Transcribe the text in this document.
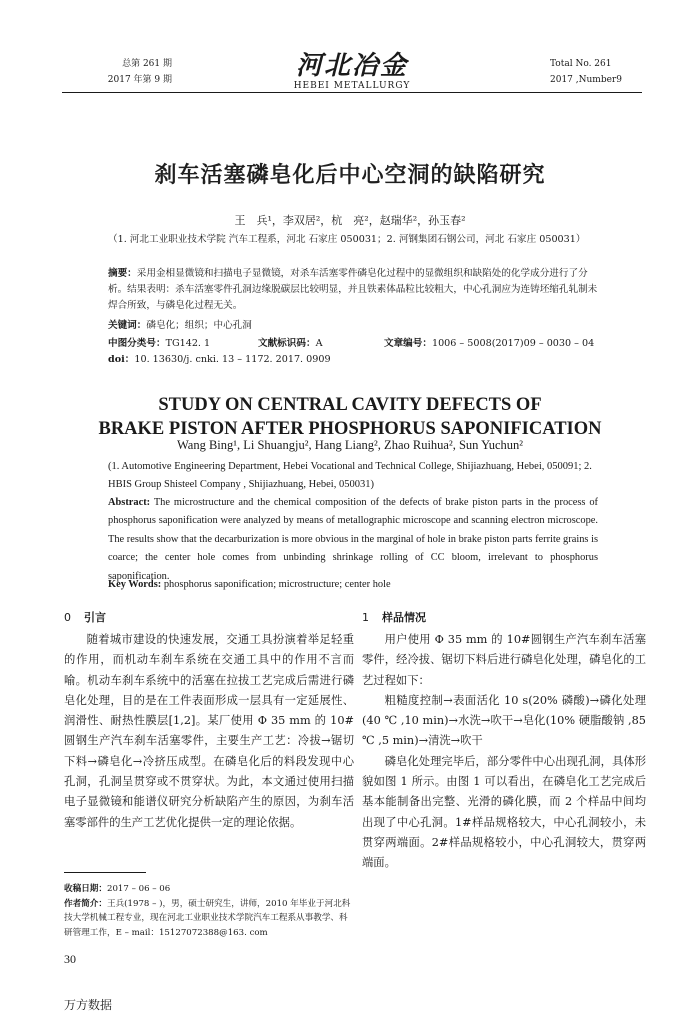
总第 261 期
2017 年第 9 期	河北冶金
HEBEI METALLURGY
Total No. 261
2017 ,Number9
刹车活塞磷皂化后中心空洞的缺陷研究
王　兵¹，李双居²，杭　亮²，赵瑞华²，孙玉春²
（1. 河北工业职业技术学院 汽车工程系，河北 石家庄 050031；2. 河钢集团石钢公司，河北 石家庄 050031）
摘要：采用金相显微镜和扫描电子显微镜，对杀车活塞零件磷皂化过程中的显微组织和缺陷处的化学成分进行了分析。结果表明：杀车活塞零件孔洞边缘脱碳层比较明显，并且铁素体晶粒比较粗大，中心孔洞应为连铸坯缩孔轧制未焊合所致，与磷皂化过程无关。
关键词：磷皂化；组织；中心孔洞
中图分类号：TG142. 1	文献标识码：A	文章编号：1006 – 5008(2017)09 – 0030 – 04
doi：10. 13630/j. cnki. 13 – 1172. 2017. 0909
STUDY ON CENTRAL CAVITY DEFECTS OF
BRAKE PISTON AFTER PHOSPHORUS SAPONIFICATION
Wang Bing¹, Li Shuangju², Hang Liang², Zhao Ruihua², Sun Yuchun²
(1. Automotive Engineering Department, Hebei Vocational and Technical College, Shijiazhuang, Hebei, 050091; 2. HBIS Group Shisteel Company , Shijiazhuang, Hebei, 050031)
Abstract: The microstructure and the chemical composition of the defects of brake piston parts in the process of phosphorus saponification were analyzed by means of metallographic microscope and scanning electron microscope. The results show that the decarburization is more obvious in the marginal of hole in brake piston parts ferrite grains is coarce; the center hole comes from unbinding shrinkage rolling of CC bloom, irrelevant to phosphorus saponification.
Key Words: phosphorus saponification; microstructure; center hole
0 引言

随着城市建设的快速发展，交通工具扮演着举足轻重的作用，而机动车刹车系统在交通工具中的作用不言而喻。机动车刹车系统中的活塞在拉拔工艺完成后需进行磷皂化处理，目的是在工件表面形成一层具有一定延展性、润滑性、耐热性膜层[1,2]。某厂使用 Φ 35 mm 的 10#圆钢生产汽车刹车活塞零件，主要生产工艺：冷拔→锯切下料→磷皂化→冷挤压成型。在磷皂化后的料段发现中心孔洞，孔洞呈贯穿或不贯穿状。为此，本文通过使用扫描电子显微镜和能谱仪研究分析缺陷产生的原因，为刹车活塞零部件的生产工艺优化提供一定的理论依据。

1 样品情况

用户使用 Φ 35 mm 的 10#圆钢生产汽车刹车活塞零件，经冷拔、锯切下料后进行磷皂化处理，磷皂化的工艺过程如下：

粗糙度控制→表面活化 10 s(20% 磷酸)→磷化处理(40 ℃ ,10 min)→水洗→吹干→皂化(10% 硬脂酸钠 ,85 ℃ ,5 min)→清洗→吹干

磷皂化处理完毕后，部分零件中心出现孔洞，具体形貌如图 1 所示。由图 1 可以看出，在磷皂化工艺完成后基本能制备出完整、光滑的磷化膜，而 2 个样品中间均出现了中心孔洞。1#样品规格较大，中心孔洞较小，未贯穿两端面。2#样品规格较小，中心孔洞较大，贯穿两端面。

收稿日期：2017 – 06 – 06
作者简介：王兵(1978 – )，男，硕士研究生，讲师，2010 年毕业于河北科技大学机械工程专业，现在河北工业职业技术学院汽车工程系从事教学、科研管理工作，E – mail：15127072388@163. com
30
万方数据
